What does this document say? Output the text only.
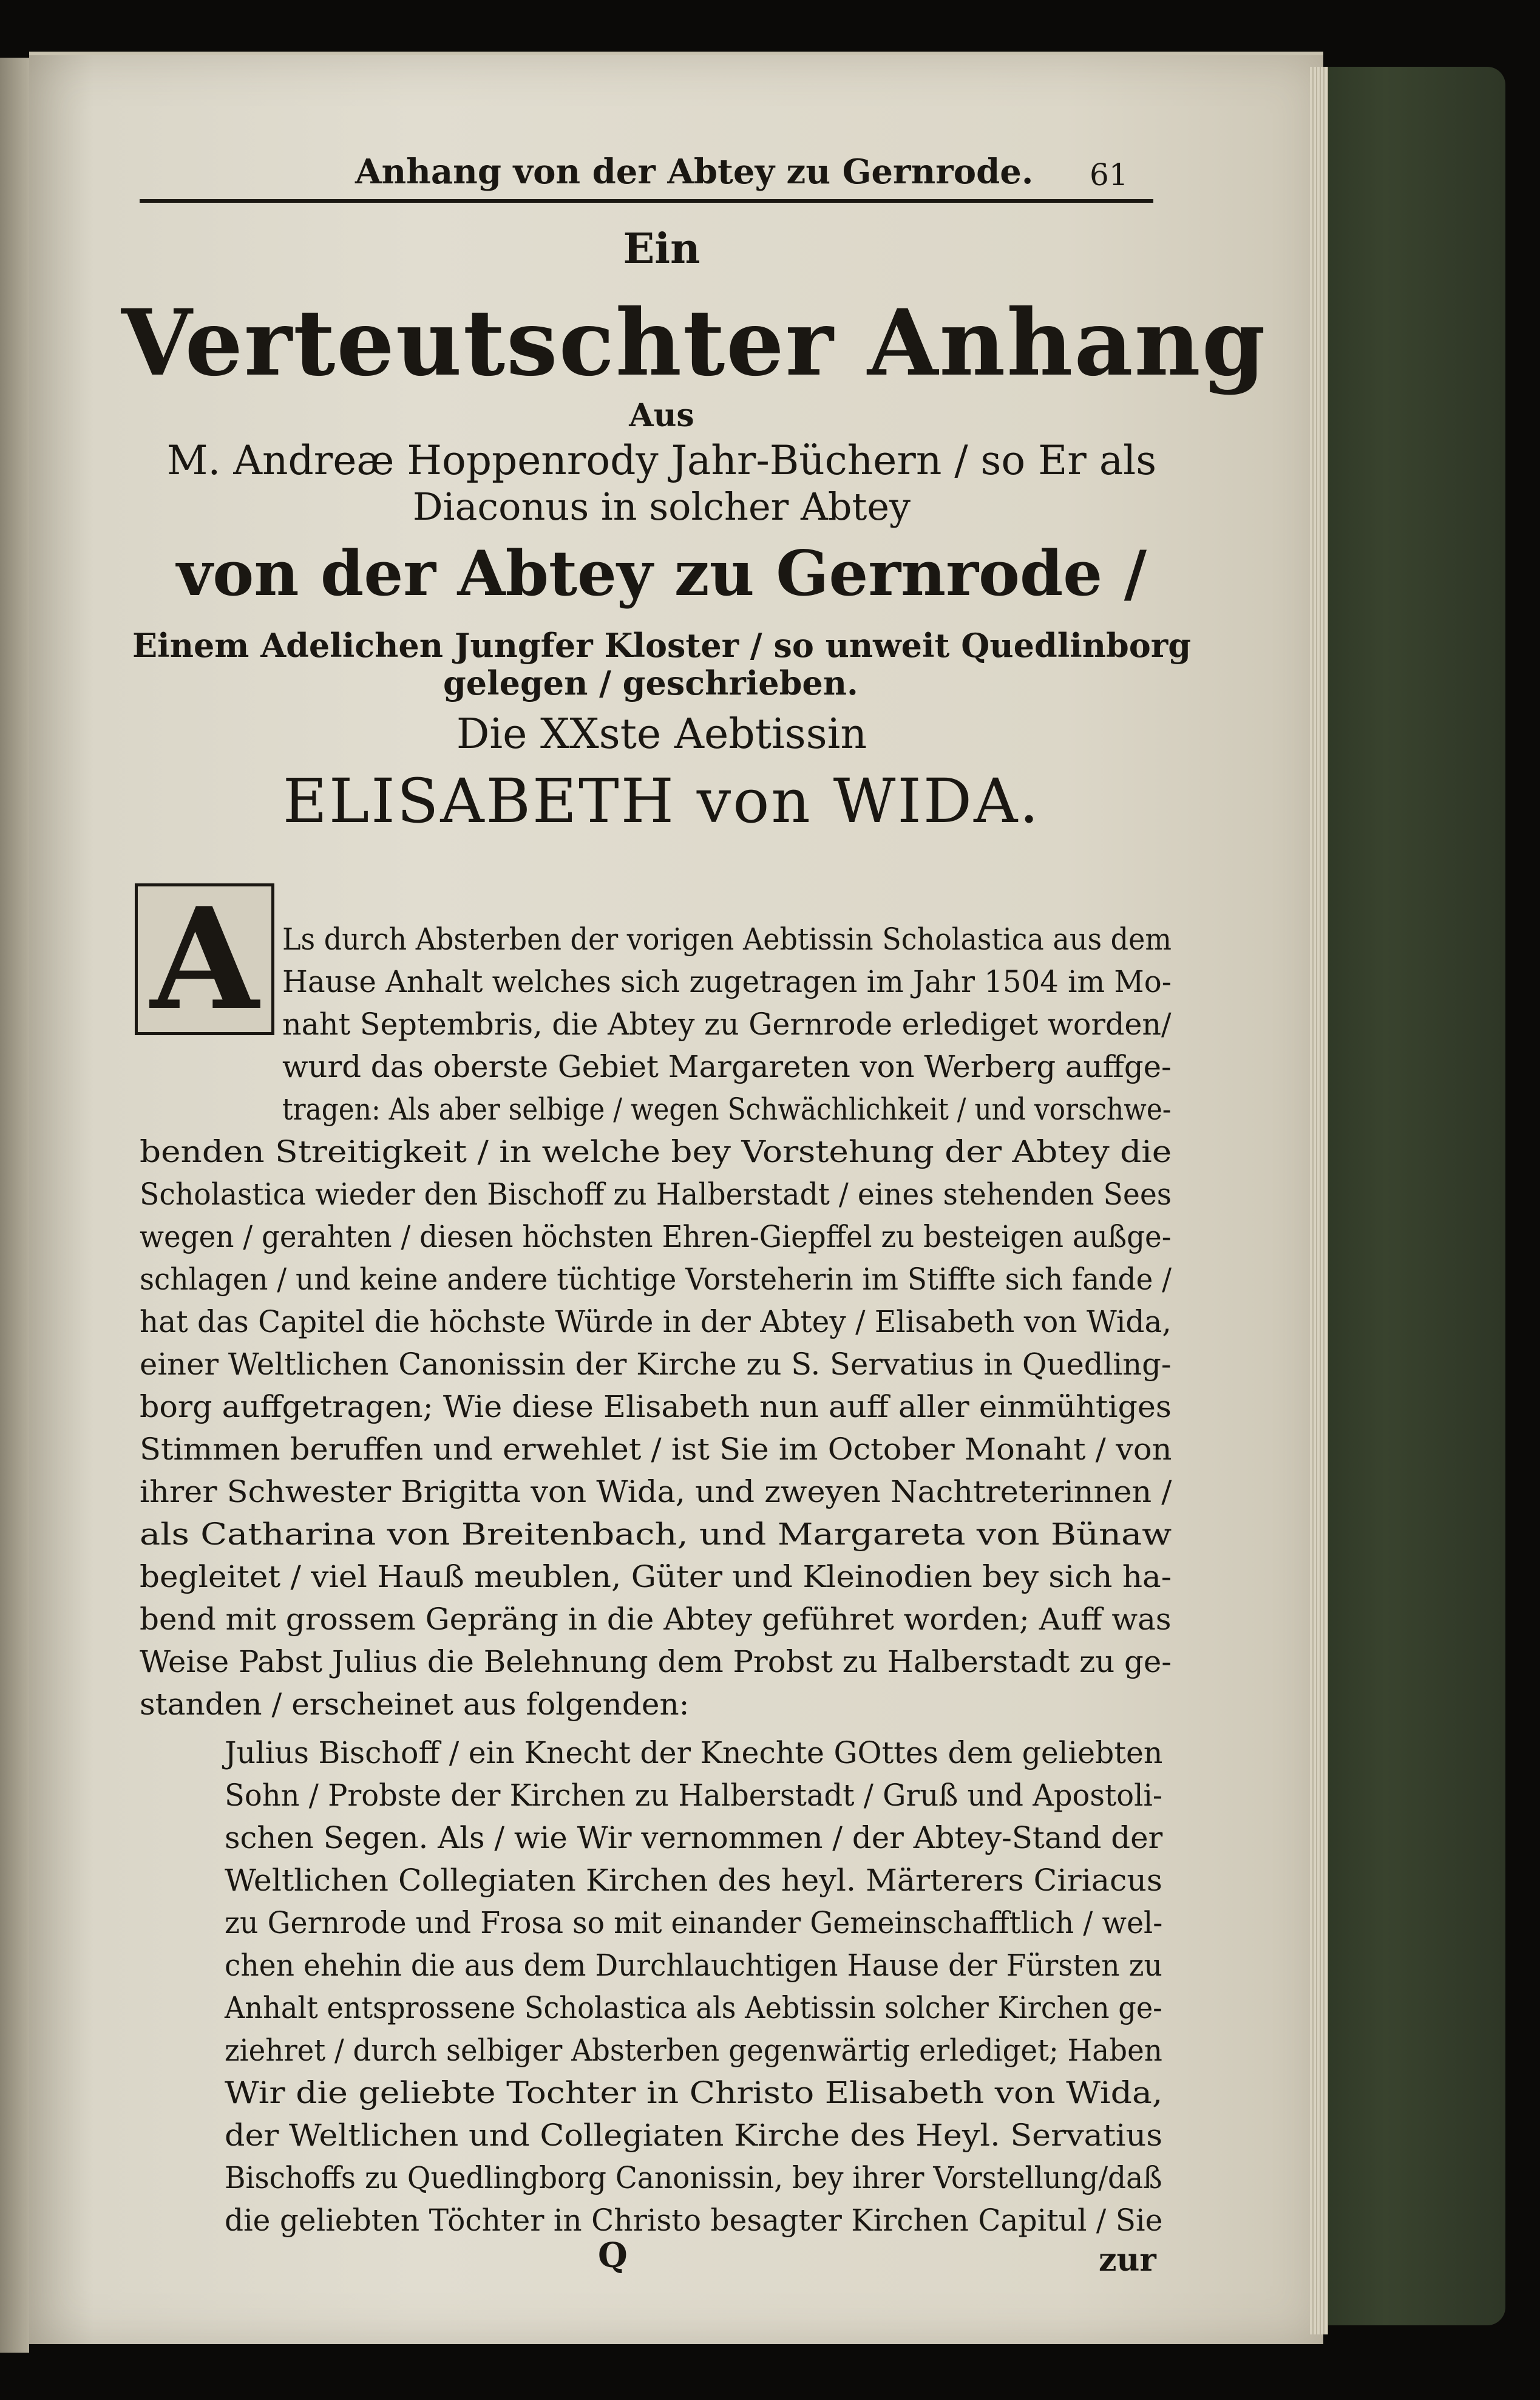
Anhang von der Abtey zu Gernrode. 61
Ein
Verteutschter Anhang
Aus
M. Andreæ Hoppenrody Jahr-Büchern / so Er als
Diaconus in solcher Abtey
von der Abtey zu Gernrode /
Einem Adelichen Jungfer Kloster / so unweit Quedlinborg
gelegen / geschrieben.
Die XXste Aebtissin
ELISABETH von WIDA.
A Ls durch Absterben der vorigen Aebtissin Scholastica aus dem
Hause Anhalt welches sich zugetragen im Jahr 1504 im Mo-
naht Septembris, die Abtey zu Gernrode erlediget worden/
wurd das oberste Gebiet Margareten von Werberg auffge-
tragen: Als aber selbige / wegen Schwächlichkeit / und vorschwe-
benden Streitigkeit / in welche bey Vorstehung der Abtey die
Scholastica wieder den Bischoff zu Halberstadt / eines stehenden Sees
wegen / gerahten / diesen höchsten Ehren-Giepffel zu besteigen außge-
schlagen / und keine andere tüchtige Vorsteherin im Stiffte sich fande /
hat das Capitel die höchste Würde in der Abtey / Elisabeth von Wida,
einer Weltlichen Canonissin der Kirche zu S. Servatius in Quedling-
borg auffgetragen; Wie diese Elisabeth nun auff aller einmühtiges
Stimmen beruffen und erwehlet / ist Sie im October Monaht / von
ihrer Schwester Brigitta von Wida, und zweyen Nachtreterinnen /
als Catharina von Breitenbach, und Margareta von Bünaw
begleitet / viel Hauß meublen, Güter und Kleinodien bey sich ha-
bend mit grossem Gepräng in die Abtey geführet worden; Auff was
Weise Pabst Julius die Belehnung dem Probst zu Halberstadt zu ge-
standen / erscheinet aus folgenden:
Julius Bischoff / ein Knecht der Knechte GOttes dem geliebten
Sohn / Probste der Kirchen zu Halberstadt / Gruß und Apostoli-
schen Segen. Als / wie Wir vernommen / der Abtey-Stand der
Weltlichen Collegiaten Kirchen des heyl. Märterers Ciriacus
zu Gernrode und Frosa so mit einander Gemeinschafftlich / wel-
chen ehehin die aus dem Durchlauchtigen Hause der Fürsten zu
Anhalt entsprossene Scholastica als Aebtissin solcher Kirchen ge-
ziehret / durch selbiger Absterben gegenwärtig erlediget; Haben
Wir die geliebte Tochter in Christo Elisabeth von Wida,
der Weltlichen und Collegiaten Kirche des Heyl. Servatius
Bischoffs zu Quedlingborg Canonissin, bey ihrer Vorstellung/daß
die geliebten Töchter in Christo besagter Kirchen Capitul / Sie
Q	zur
